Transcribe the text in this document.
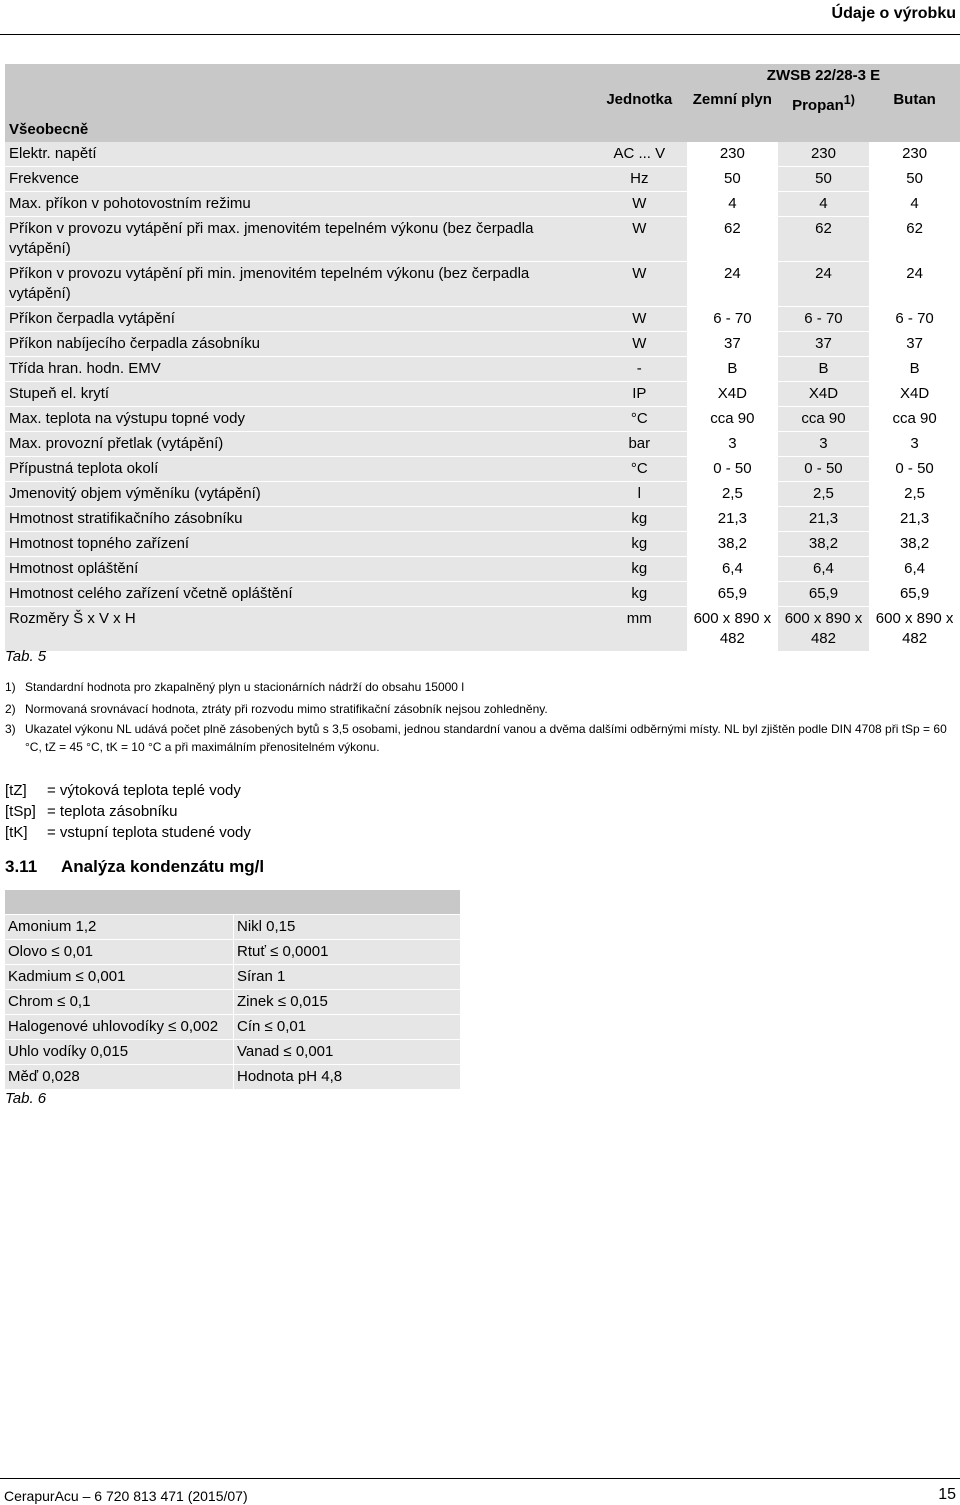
Údaje o výrobku
		ZWSB 22/28-3 E		
	Jednotka	Zemní plyn	Propan$^{1)}$	Butan
Všeobecně				
Elektr. napětí	AC ... V	230	230	230
Frekvence	Hz	50	50	50
Max. příkon v pohotovostním režimu	W	4	4	4
Příkon v provozu vytápění při max. jmenovitém tepelném výkonu (bez čerpadla vytápění)	W	62	62	62
Příkon v provozu vytápění při min. jmenovitém tepelném výkonu (bez čerpadla vytápění)	W	24	24	24
Příkon čerpadla vytápění	W	6 - 70	6 - 70	6 - 70
Příkon nabíjecího čerpadla zásobníku	W	37	37	37
Třída hran. hodn. EMV	-	B	B	B
Stupeň el. krytí	IP	X4D	X4D	X4D
Max. teplota na výstupu topné vody	°C	cca 90	cca 90	cca 90
Max. provozní přetlak (vytápění)	bar	3	3	3
Přípustná teplota okolí	°C	0 - 50	0 - 50	0 - 50
Jmenovitý objem výměníku (vytápění)	l	2,5	2,5	2,5
Hmotnost stratifikačního zásobníku	kg	21,3	21,3	21,3
Hmotnost topného zařízení	kg	38,2	38,2	38,2
Hmotnost opláštění	kg	6,4	6,4	6,4
Hmotnost celého zařízení včetně opláštění	kg	65,9	65,9	65,9
Rozměry Š x V x H	mm	600 x 890 x 482	600 x 890 x 482	600 x 890 x 482
Tab. 5
1) Standardní hodnota pro zkapalněný plyn u stacionárních nádrží do obsahu 15000 l
2) Normovaná srovnávací hodnota, ztráty při rozvodu mimo stratifikační zásobník nejsou zohledněny.
3) Ukazatel výkonu NL udává počet plně zásobených bytů s 3,5 osobami, jednou standardní vanou a dvěma dalšími odběrnými místy. NL byl zjištěn podle DIN 4708 při tSp = 60 °C, tZ = 45 °C, tK = 10 °C a při maximálním přenositelném výkonu.
[tZ]	= výtoková teplota teplé vody
[tSp] = teplota zásobníku
[tK]	= vstupní teplota studené vody
3.11 Analýza kondenzátu mg/l

Amonium 1,2	Nikl 0,15
Olovo ≤ 0,01	Rtuť ≤ 0,0001
Kadmium ≤ 0,001	Síran 1
Chrom ≤ 0,1	Zinek ≤ 0,015
Halogenové uhlovodíky ≤ 0,002	Cín ≤ 0,01
Uhlo vodíky 0,015	Vanad ≤ 0,001
Měď 0,028	Hodnota pH 4,8
Tab. 6
CerapurAcu – 6 720 813 471 (2015/07)	15
